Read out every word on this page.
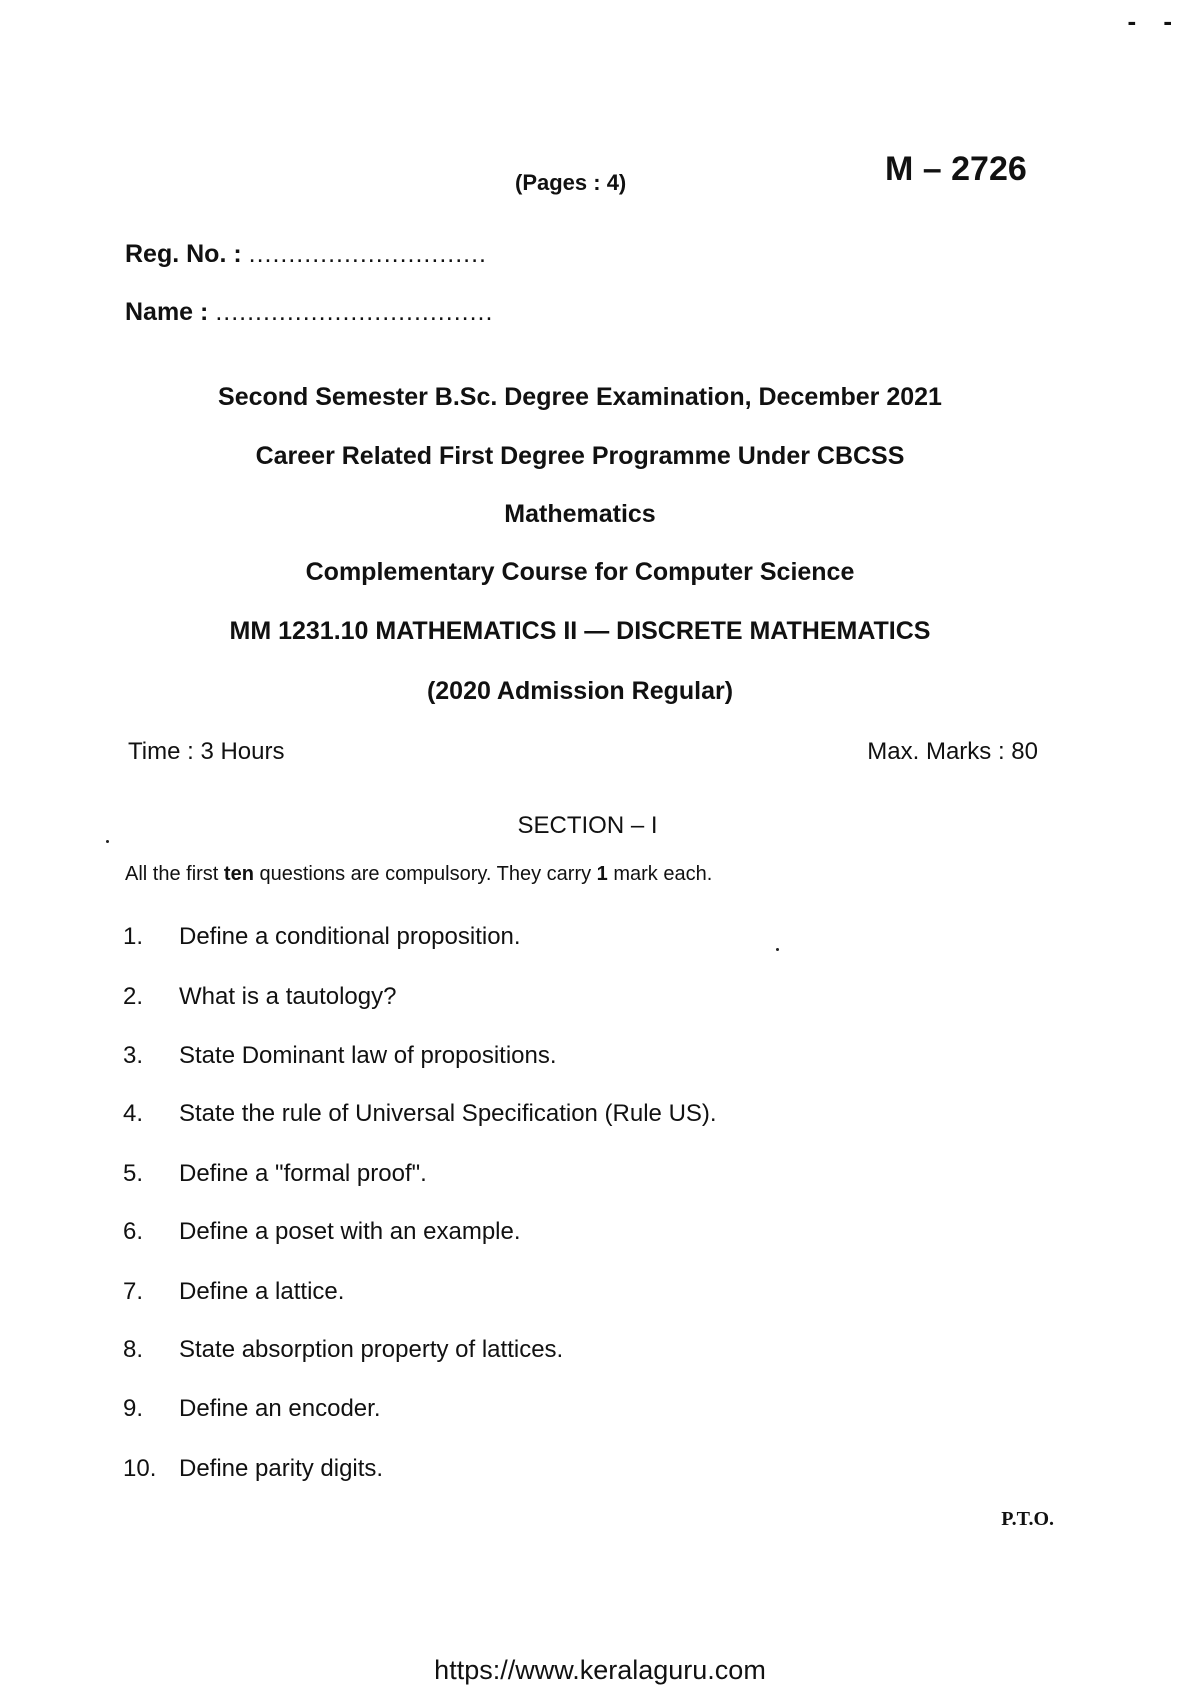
- -
(Pages : 4)	M – 2726
Reg. No. : ..............................
Name : ...................................
Second Semester B.Sc. Degree Examination, December 2021
Career Related First Degree Programme Under CBCSS
Mathematics
Complementary Course for Computer Science
MM 1231.10 MATHEMATICS II — DISCRETE MATHEMATICS
(2020 Admission Regular)
Time : 3 Hours	Max. Marks : 80
SECTION – I
All the first ten questions are compulsory. They carry 1 mark each.
1. Define a conditional proposition.
2. What is a tautology?
3. State Dominant law of propositions.
4. State the rule of Universal Specification (Rule US).
5. Define a "formal proof".
6. Define a poset with an example.
7. Define a lattice.
8. State absorption property of lattices.
9. Define an encoder.
10. Define parity digits.
P.T.O.
https://www.keralaguru.com
